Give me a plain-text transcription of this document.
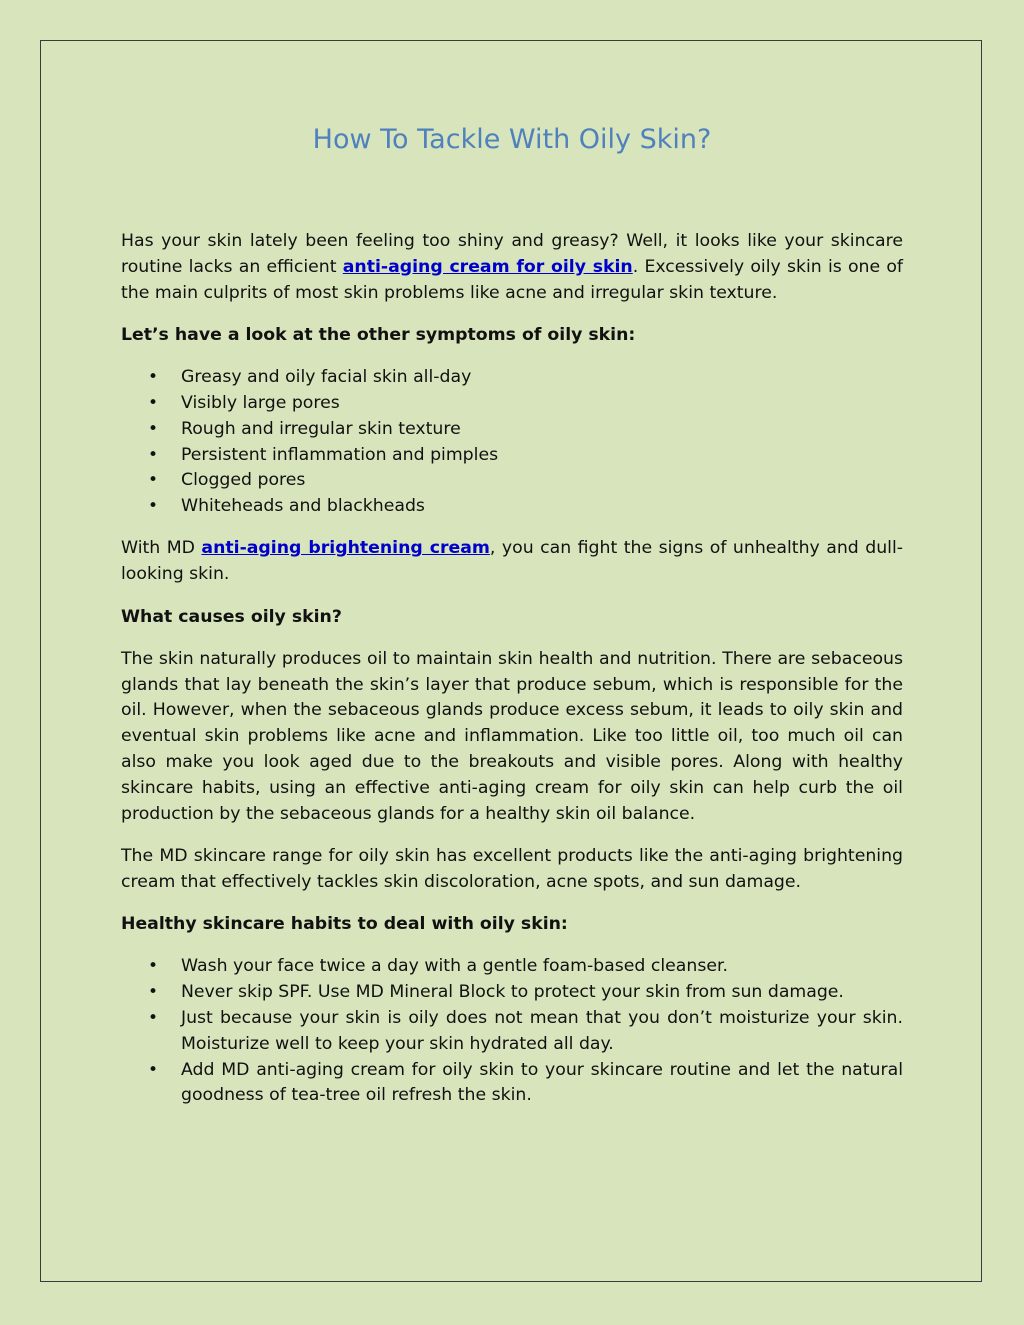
How To Tackle With Oily Skin?

Has your skin lately been feeling too shiny and greasy? Well, it looks like your skincare routine lacks an efficient anti-aging cream for oily skin. Excessively oily skin is one of the main culprits of most skin problems like acne and irregular skin texture.

Let’s have a look at the other symptoms of oily skin:
• Greasy and oily facial skin all-day
• Visibly large pores
• Rough and irregular skin texture
• Persistent inflammation and pimples
• Clogged pores
• Whiteheads and blackheads

With MD anti-aging brightening cream, you can fight the signs of unhealthy and dull-looking skin.

What causes oily skin?

The skin naturally produces oil to maintain skin health and nutrition. There are sebaceous glands that lay beneath the skin’s layer that produce sebum, which is responsible for the oil. However, when the sebaceous glands produce excess sebum, it leads to oily skin and eventual skin problems like acne and inflammation. Like too little oil, too much oil can also make you look aged due to the breakouts and visible pores. Along with healthy skincare habits, using an effective anti-aging cream for oily skin can help curb the oil production by the sebaceous glands for a healthy skin oil balance.

The MD skincare range for oily skin has excellent products like the anti-aging brightening cream that effectively tackles skin discoloration, acne spots, and sun damage.

Healthy skincare habits to deal with oily skin:
• Wash your face twice a day with a gentle foam-based cleanser.
• Never skip SPF. Use MD Mineral Block to protect your skin from sun damage.
• Just because your skin is oily does not mean that you don’t moisturize your skin. Moisturize well to keep your skin hydrated all day.
• Add MD anti-aging cream for oily skin to your skincare routine and let the natural goodness of tea-tree oil refresh the skin.
